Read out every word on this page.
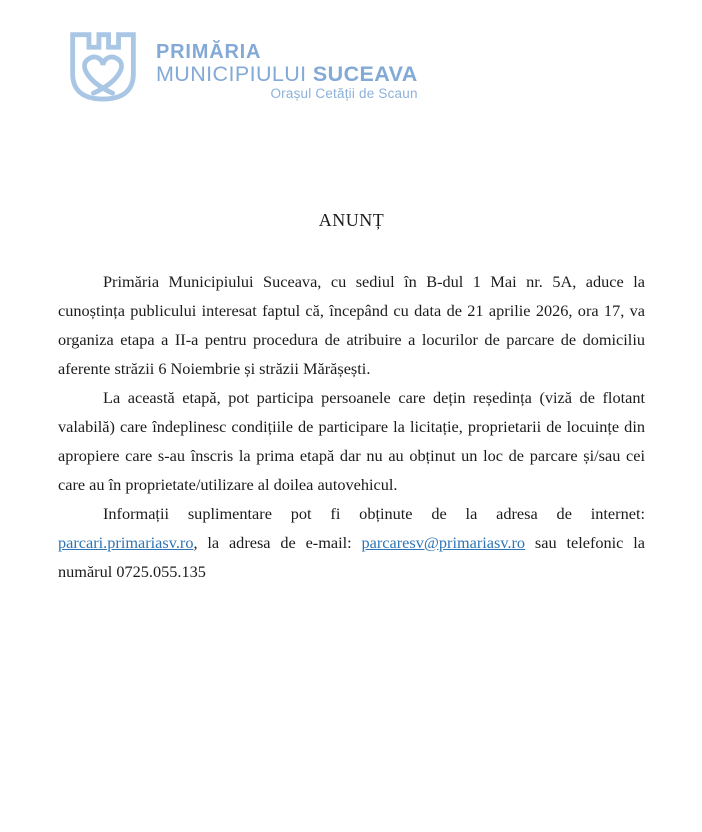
PRIMĂRIA
MUNICIPIULUI SUCEAVA
Orașul Cetății de Scaun
ANUNȚ

Primăria Municipiului Suceava, cu sediul în B-dul 1 Mai nr. 5A, aduce la cunoștința publicului interesat faptul că, începând cu data de 21 aprilie 2026, ora 17, va organiza etapa a II-a pentru procedura de atribuire a locurilor de parcare de domiciliu aferente străzii 6 Noiembrie și străzii Mărășești.

La această etapă, pot participa persoanele care dețin reședința (viză de flotant valabilă) care îndeplinesc condițiile de participare la licitație, proprietarii de locuințe din apropiere care s-au înscris la prima etapă dar nu au obținut un loc de parcare și/sau cei care au în proprietate/utilizare al doilea autovehicul.

Informații suplimentare pot fi obținute de la adresa de internet: parcari.primariasv.ro, la adresa de e-mail: parcaresv@primariasv.ro sau telefonic la numărul 0725.055.135
